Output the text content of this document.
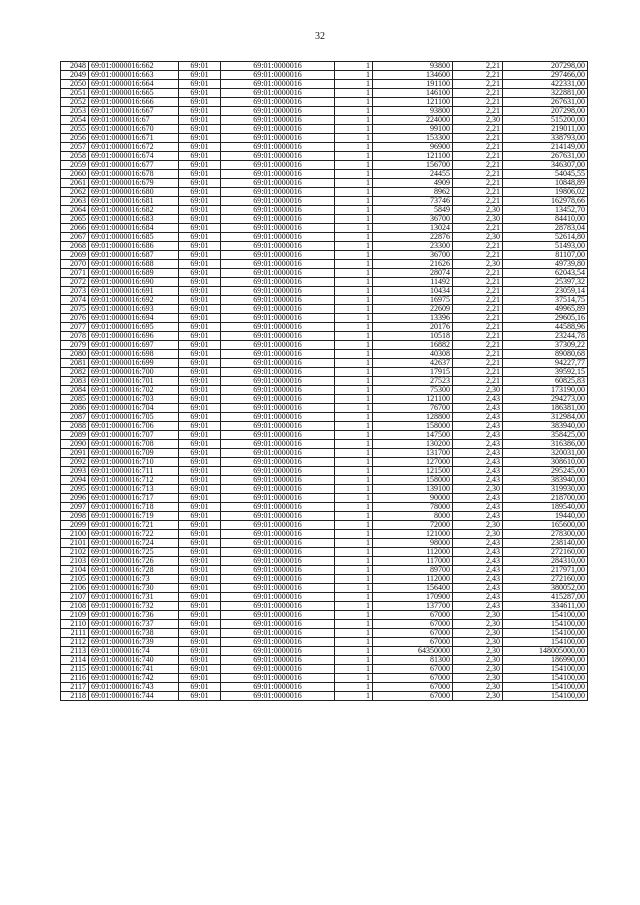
32
2048	69:01:0000016:662	69:01	69:01:0000016	1	93800	2,21	207298,00
2049	69:01:0000016:663	69:01	69:01:0000016	1	134600	2,21	297466,00
2050	69:01:0000016:664	69:01	69:01:0000016	1	191100	2,21	422331,00
2051	69:01:0000016:665	69:01	69:01:0000016	1	146100	2,21	322881,00
2052	69:01:0000016:666	69:01	69:01:0000016	1	121100	2,21	267631,00
2053	69:01:0000016:667	69:01	69:01:0000016	1	93800	2,21	207298,00
2054	69:01:0000016:67	69:01	69:01:0000016	1	224000	2,30	515200,00
2055	69:01:0000016:670	69:01	69:01:0000016	1	99100	2,21	219011,00
2056	69:01:0000016:671	69:01	69:01:0000016	1	153300	2,21	338793,00
2057	69:01:0000016:672	69:01	69:01:0000016	1	96900	2,21	214149,00
2058	69:01:0000016:674	69:01	69:01:0000016	1	121100	2,21	267631,00
2059	69:01:0000016:677	69:01	69:01:0000016	1	156700	2,21	346307,00
2060	69:01:0000016:678	69:01	69:01:0000016	1	24455	2,21	54045,55
2061	69:01:0000016:679	69:01	69:01:0000016	1	4909	2,21	10848,89
2062	69:01:0000016:680	69:01	69:01:0000016	1	8962	2,21	19806,02
2063	69:01:0000016:681	69:01	69:01:0000016	1	73746	2,21	162978,66
2064	69:01:0000016:682	69:01	69:01:0000016	1	5849	2,30	13452,70
2065	69:01:0000016:683	69:01	69:01:0000016	1	36700	2,30	84410,00
2066	69:01:0000016:684	69:01	69:01:0000016	1	13024	2,21	28783,04
2067	69:01:0000016:685	69:01	69:01:0000016	1	22876	2,30	52614,80
2068	69:01:0000016:686	69:01	69:01:0000016	1	23300	2,21	51493,00
2069	69:01:0000016:687	69:01	69:01:0000016	1	36700	2,21	81107,00
2070	69:01:0000016:688	69:01	69:01:0000016	1	21626	2,30	49739,80
2071	69:01:0000016:689	69:01	69:01:0000016	1	28074	2,21	62043,54
2072	69:01:0000016:690	69:01	69:01:0000016	1	11492	2,21	25397,32
2073	69:01:0000016:691	69:01	69:01:0000016	1	10434	2,21	23059,14
2074	69:01:0000016:692	69:01	69:01:0000016	1	16975	2,21	37514,75
2075	69:01:0000016:693	69:01	69:01:0000016	1	22609	2,21	49965,89
2076	69:01:0000016:694	69:01	69:01:0000016	1	13396	2,21	29605,16
2077	69:01:0000016:695	69:01	69:01:0000016	1	20176	2,21	44588,96
2078	69:01:0000016:696	69:01	69:01:0000016	1	10518	2,21	23244,78
2079	69:01:0000016:697	69:01	69:01:0000016	1	16882	2,21	37309,22
2080	69:01:0000016:698	69:01	69:01:0000016	1	40308	2,21	89080,68
2081	69:01:0000016:699	69:01	69:01:0000016	1	42637	2,21	94227,77
2082	69:01:0000016:700	69:01	69:01:0000016	1	17915	2,21	39592,15
2083	69:01:0000016:701	69:01	69:01:0000016	1	27523	2,21	60825,83
2084	69:01:0000016:702	69:01	69:01:0000016	1	75300	2,30	173190,00
2085	69:01:0000016:703	69:01	69:01:0000016	1	121100	2,43	294273,00
2086	69:01:0000016:704	69:01	69:01:0000016	1	76700	2,43	186381,00
2087	69:01:0000016:705	69:01	69:01:0000016	1	128800	2,43	312984,00
2088	69:01:0000016:706	69:01	69:01:0000016	1	158000	2,43	383940,00
2089	69:01:0000016:707	69:01	69:01:0000016	1	147500	2,43	358425,00
2090	69:01:0000016:708	69:01	69:01:0000016	1	130200	2,43	316386,00
2091	69:01:0000016:709	69:01	69:01:0000016	1	131700	2,43	320031,00
2092	69:01:0000016:710	69:01	69:01:0000016	1	127000	2,43	308610,00
2093	69:01:0000016:711	69:01	69:01:0000016	1	121500	2,43	295245,00
2094	69:01:0000016:712	69:01	69:01:0000016	1	158000	2,43	383940,00
2095	69:01:0000016:713	69:01	69:01:0000016	1	139100	2,30	319930,00
2096	69:01:0000016:717	69:01	69:01:0000016	1	90000	2,43	218700,00
2097	69:01:0000016:718	69:01	69:01:0000016	1	78000	2,43	189540,00
2098	69:01:0000016:719	69:01	69:01:0000016	1	8000	2,43	19440,00
2099	69:01:0000016:721	69:01	69:01:0000016	1	72000	2,30	165600,00
2100	69:01:0000016:722	69:01	69:01:0000016	1	121000	2,30	278300,00
2101	69:01:0000016:724	69:01	69:01:0000016	1	98000	2,43	238140,00
2102	69:01:0000016:725	69:01	69:01:0000016	1	112000	2,43	272160,00
2103	69:01:0000016:726	69:01	69:01:0000016	1	117000	2,43	284310,00
2104	69:01:0000016:728	69:01	69:01:0000016	1	89700	2,43	217971,00
2105	69:01:0000016:73	69:01	69:01:0000016	1	112000	2,43	272160,00
2106	69:01:0000016:730	69:01	69:01:0000016	1	156400	2,43	380052,00
2107	69:01:0000016:731	69:01	69:01:0000016	1	170900	2,43	415287,00
2108	69:01:0000016:732	69:01	69:01:0000016	1	137700	2,43	334611,00
2109	69:01:0000016:736	69:01	69:01:0000016	1	67000	2,30	154100,00
2110	69:01:0000016:737	69:01	69:01:0000016	1	67000	2,30	154100,00
2111	69:01:0000016:738	69:01	69:01:0000016	1	67000	2,30	154100,00
2112	69:01:0000016:739	69:01	69:01:0000016	1	67000	2,30	154100,00
2113	69:01:0000016:74	69:01	69:01:0000016	1	64350000	2,30	148005000,00
2114	69:01:0000016:740	69:01	69:01:0000016	1	81300	2,30	186990,00
2115	69:01:0000016:741	69:01	69:01:0000016	1	67000	2,30	154100,00
2116	69:01:0000016:742	69:01	69:01:0000016	1	67000	2,30	154100,00
2117	69:01:0000016:743	69:01	69:01:0000016	1	67000	2,30	154100,00
2118	69:01:0000016:744	69:01	69:01:0000016	1	67000	2,30	154100,00
